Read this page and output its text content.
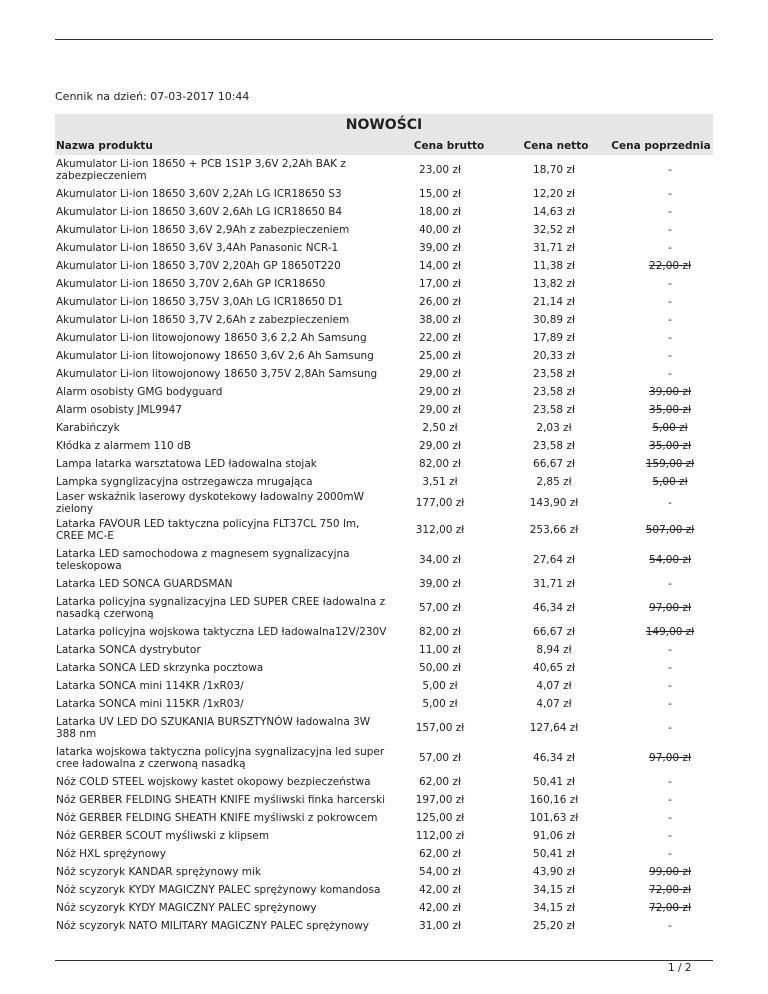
Cennik na dzień: 07-03-2017 10:44
NOWOŚCI
Nazwa produktu	Cena brutto	Cena netto	Cena poprzednia
Akumulator Li-ion 18650 + PCB 1S1P 3,6V 2,2Ah BAK z zabezpieczeniem	23,00 zł	18,70 zł	-
Akumulator Li-ion 18650 3,60V 2,2Ah LG ICR18650 S3	15,00 zł	12,20 zł	-
Akumulator Li-ion 18650 3,60V 2,6Ah LG ICR18650 B4	18,00 zł	14,63 zł	-
Akumulator Li-ion 18650 3,6V 2,9Ah z zabezpieczeniem	40,00 zł	32,52 zł	-
Akumulator Li-ion 18650 3,6V 3,4Ah Panasonic NCR-1	39,00 zł	31,71 zł	-
Akumulator Li-ion 18650 3,70V 2,20Ah GP 18650T220	14,00 zł	11,38 zł	22,00 zł
Akumulator Li-ion 18650 3,70V 2,6Ah GP ICR18650	17,00 zł	13,82 zł	-
Akumulator Li-ion 18650 3,75V 3,0Ah LG ICR18650 D1	26,00 zł	21,14 zł	-
Akumulator Li-ion 18650 3,7V 2,6Ah z zabezpieczeniem	38,00 zł	30,89 zł	-
Akumulator Li-ion litowojonowy 18650 3,6 2,2 Ah Samsung	22,00 zł	17,89 zł	-
Akumulator Li-ion litowojonowy 18650 3,6V 2,6 Ah Samsung	25,00 zł	20,33 zł	-
Akumulator Li-ion litowojonowy 18650 3,75V 2,8Ah Samsung	29,00 zł	23,58 zł	-
Alarm osobisty GMG bodyguard	29,00 zł	23,58 zł	39,00 zł
Alarm osobisty JML9947	29,00 zł	23,58 zł	35,00 zł
Karabińczyk	2,50 zł	2,03 zł	5,00 zł
Kłódka z alarmem 110 dB	29,00 zł	23,58 zł	35,00 zł
Lampa latarka warsztatowa LED ładowalna stojak	82,00 zł	66,67 zł	159,00 zł
Lampka sygnglizacyjna ostrzegawcza mrugająca	3,51 zł	2,85 zł	5,00 zł
Laser wskaźnik laserowy dyskotekowy ładowalny 2000mW zielony	177,00 zł	143,90 zł	-
Latarka FAVOUR LED taktyczna policyjna FLT37CL 750 lm, CREE MC-E	312,00 zł	253,66 zł	507,00 zł
Latarka LED samochodowa z magnesem sygnalizacyjna teleskopowa	34,00 zł	27,64 zł	54,00 zł
Latarka LED SONCA GUARDSMAN	39,00 zł	31,71 zł	-
Latarka policyjna sygnalizacyjna LED SUPER CREE ładowalna z nasadką czerwoną	57,00 zł	46,34 zł	97,00 zł
Latarka policyjna wojskowa taktyczna LED ładowalna12V/230V	82,00 zł	66,67 zł	149,00 zł
Latarka SONCA dystrybutor	11,00 zł	8,94 zł	-
Latarka SONCA LED skrzynka pocztowa	50,00 zł	40,65 zł	-
Latarka SONCA mini 114KR /1xR03/	5,00 zł	4,07 zł	-
Latarka SONCA mini 115KR /1xR03/	5,00 zł	4,07 zł	-
Latarka UV LED DO SZUKANIA BURSZTYNÓW ładowalna 3W 388 nm	157,00 zł	127,64 zł	-
latarka wojskowa taktyczna policyjna sygnalizacyjna led super cree ładowalna z czerwoną nasadką	57,00 zł	46,34 zł	97,00 zł
Nóż COLD STEEL wojskowy kastet okopowy bezpieczeństwa	62,00 zł	50,41 zł	-
Nóż GERBER FELDING SHEATH KNIFE myśliwski finka harcerski	197,00 zł	160,16 zł	-
Nóż GERBER FELDING SHEATH KNIFE myśliwski z pokrowcem	125,00 zł	101,63 zł	-
Nóż GERBER SCOUT myśliwski z klipsem	112,00 zł	91,06 zł	-
Nóż HXL sprężynowy	62,00 zł	50,41 zł	-
Nóż scyzoryk KANDAR sprężynowy mik	54,00 zł	43,90 zł	99,00 zł
Nóż scyzoryk KYDY MAGICZNY PALEC sprężynowy komandosa	42,00 zł	34,15 zł	72,00 zł
Nóż scyzoryk KYDY MAGICZNY PALEC sprężynowy	42,00 zł	34,15 zł	72,00 zł
Nóż scyzoryk NATO MILITARY MAGICZNY PALEC sprężynowy	31,00 zł	25,20 zł	-
1 / 2
